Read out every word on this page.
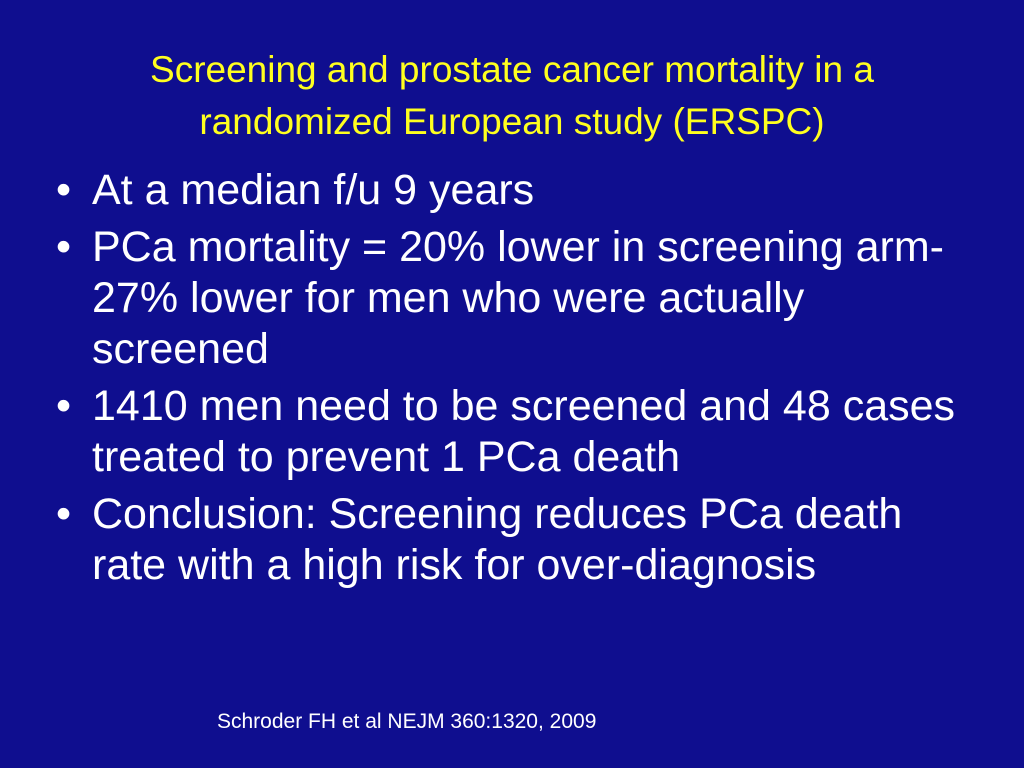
Screening and prostate cancer mortality in a
randomized European study (ERSPC)
• At a median f/u 9 years
• PCa mortality = 20% lower in screening arm-27% lower for men who were actually screened
• 1410 men need to be screened and 48 cases treated to prevent 1 PCa death
• Conclusion: Screening reduces PCa death rate with a high risk for over-diagnosis
Schroder FH et al NEJM 360:1320, 2009
